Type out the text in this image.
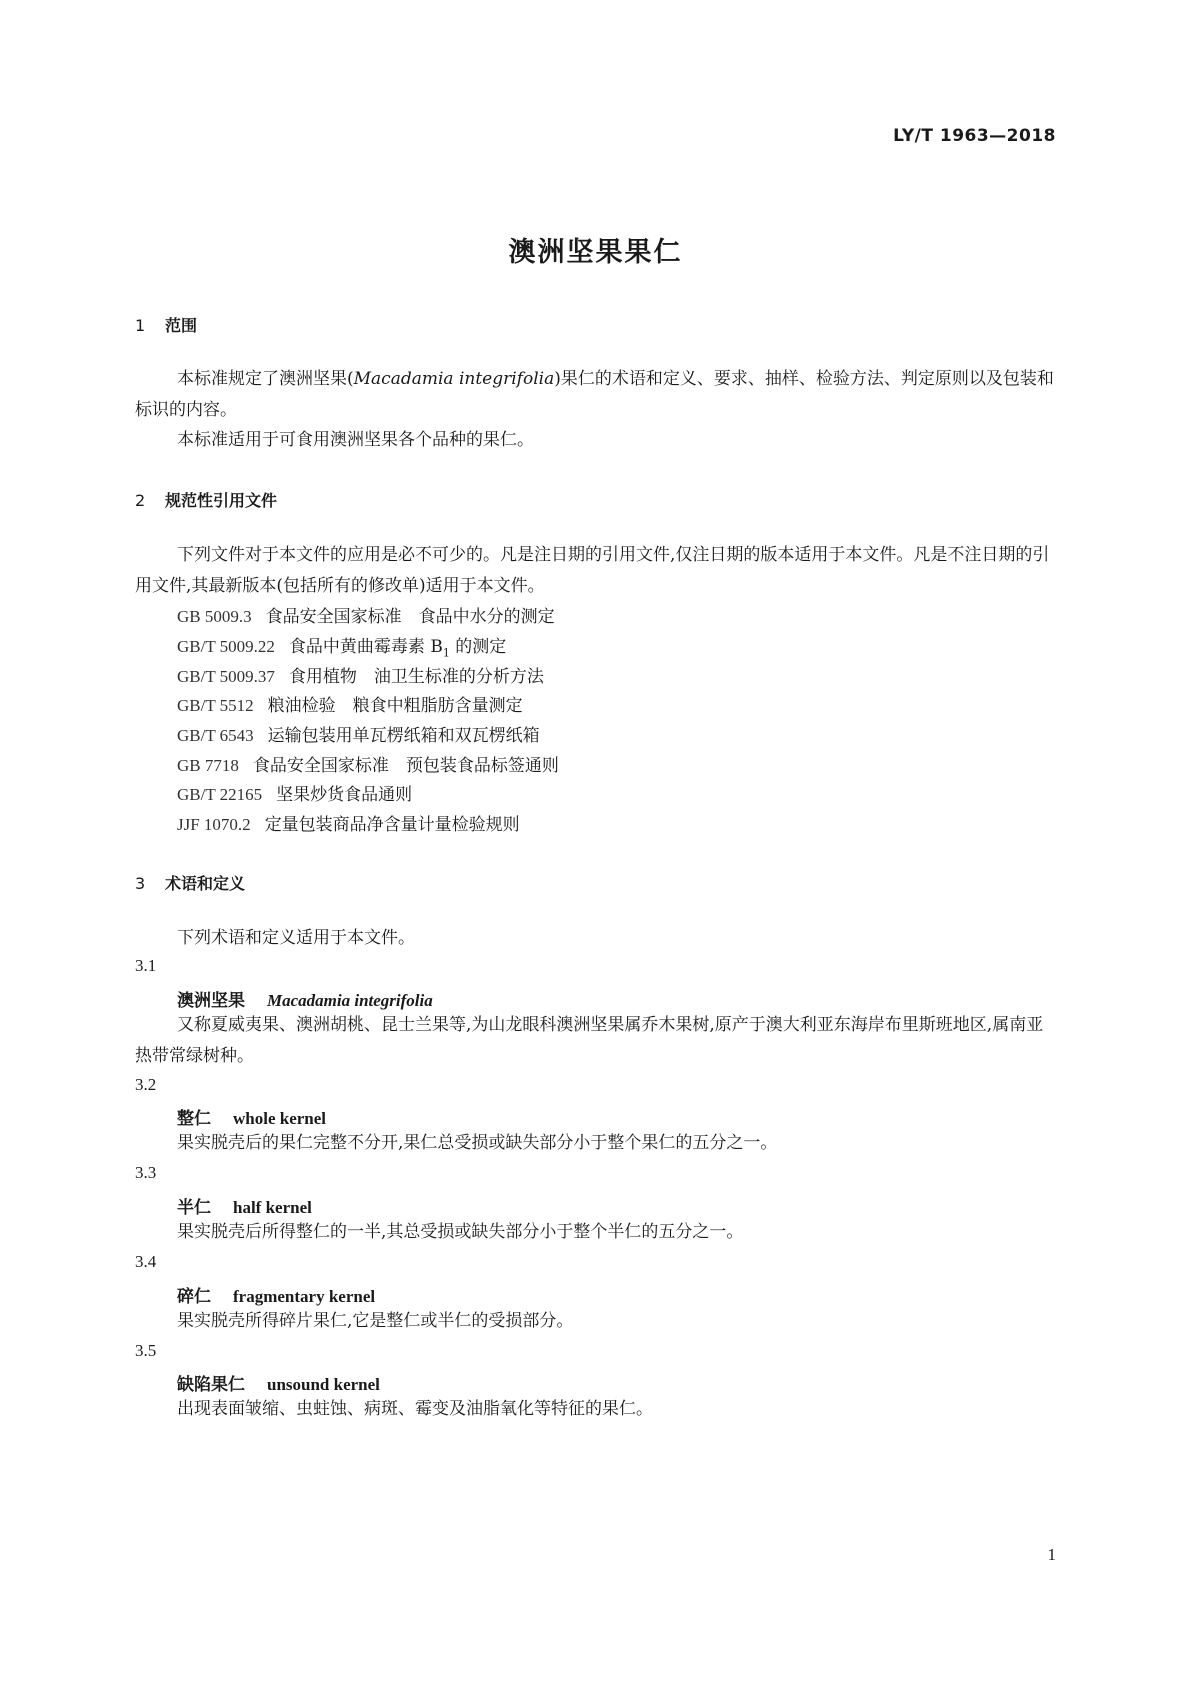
LY/T 1963—2018
澳洲坚果果仁
1 范围
本标准规定了澳洲坚果(Macadamia integrifolia)果仁的术语和定义、要求、抽样、检验方法、判定原则以及包装和标识的内容。
本标准适用于可食用澳洲坚果各个品种的果仁。
2 规范性引用文件
下列文件对于本文件的应用是必不可少的。凡是注日期的引用文件,仅注日期的版本适用于本文件。凡是不注日期的引用文件,其最新版本(包括所有的修改单)适用于本文件。
GB 5009.3 食品安全国家标准　食品中水分的测定
GB/T 5009.22 食品中黄曲霉毒素 $B_1$ 的测定
GB/T 5009.37 食用植物　油卫生标准的分析方法
GB/T 5512 粮油检验　粮食中粗脂肪含量测定
GB/T 6543 运输包装用单瓦楞纸箱和双瓦楞纸箱
GB 7718 食品安全国家标准　预包装食品标签通则
GB/T 22165 坚果炒货食品通则
JJF 1070.2 定量包装商品净含量计量检验规则
3 术语和定义
下列术语和定义适用于本文件。
3.1
澳洲坚果 Macadamia integrifolia
又称夏威夷果、澳洲胡桃、昆士兰果等,为山龙眼科澳洲坚果属乔木果树,原产于澳大利亚东海岸布里斯班地区,属南亚热带常绿树种。
3.2
整仁 whole kernel
果实脱壳后的果仁完整不分开,果仁总受损或缺失部分小于整个果仁的五分之一。
3.3
半仁 half kernel
果实脱壳后所得整仁的一半,其总受损或缺失部分小于整个半仁的五分之一。
3.4
碎仁 fragmentary kernel
果实脱壳所得碎片果仁,它是整仁或半仁的受损部分。
3.5
缺陷果仁 unsound kernel
出现表面皱缩、虫蛀蚀、病斑、霉变及油脂氧化等特征的果仁。
1
